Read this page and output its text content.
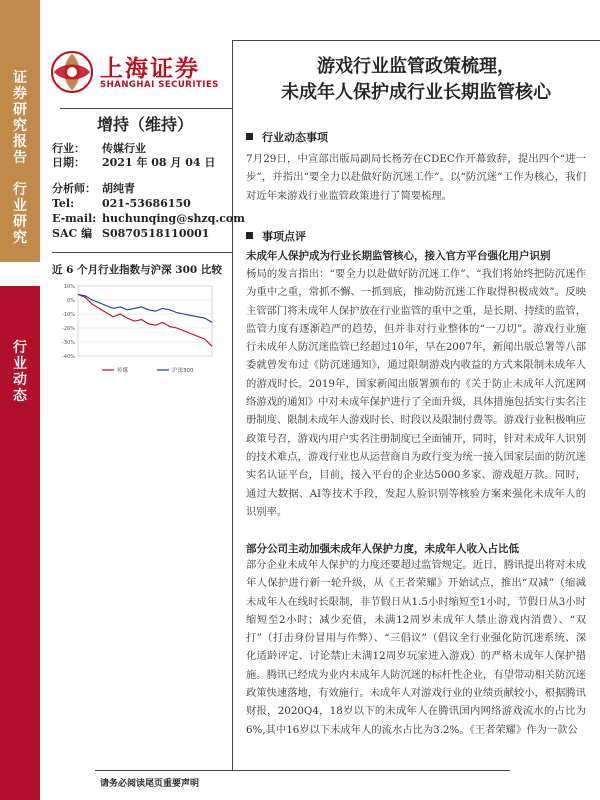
证
券
研
究
报
告

行
业
研
究
行
业
动
态
上海证券
SHANGHAI SECURITIES
游戏行业监管政策梳理，
未成年人保护成行业长期监管核心
增持（维持）
行业： 传媒行业
日期： 2021 年 08 月 04 日
分析师： 胡纯青
Tel:	021-53686150
E-mail: huchunqing@shzq.com
SAC 编 S0870518110001
近 6 个月行业指数与沪深 300 比较
10%
0%
-10%
-20%
-30%
-40%
传媒	沪深300
行业动态事项
7月29日，中宣部出版局副局长杨芳在CDEC作开幕致辞，提出四个“进一步”，并指出“要全力以赴做好防沉迷工作”。以“防沉迷”工作为核心，我们对近年来游戏行业监管政策进行了简要梳理。
事项点评
未成年人保护成为行业长期监管核心，接入官方平台强化用户识别
杨局的发言指出：“要全力以赴做好防沉迷工作”、“我们将始终把防沉迷作为重中之重，常抓不懈、一抓到底，推动防沉迷工作取得积极成效”。反映主管部门将未成年人保护放在行业监管的重中之重，是长期、持续的监管，监管力度有逐渐趋严的趋势，但并非对行业整体的“一刀切”。游戏行业施行未成年人防沉迷监管已经超过10年，早在2007年，新闻出版总署等八部委就曾发布过《防沉迷通知》，通过限制游戏内收益的方式来限制未成年人的游戏时长。2019年，国家新闻出版署颁布的《关于防止未成年人沉迷网络游戏的通知》中对未成年保护进行了全面升级，具体措施包括实行实名注册制度、限制未成年人游戏时长、时段以及限制付费等。游戏行业积极响应政策号召，游戏内用户实名注册制度已全面铺开，同时，针对未成年人识别的技术难点，游戏行业也从运营商自为政行变为统一接入国家层面的防沉迷实名认证平台，目前，接入平台的企业达5000多家、游戏超万款。同时，通过大数据、AI等技术手段，发起人脸识别等核验方案来强化未成年人的识别率。
部分公司主动加强未成年人保护力度，未成年人收入占比低
部分企业未成年人保护的力度还要超过监管规定。近日，腾讯提出将对未成年人保护进行新一轮升级，从《王者荣耀》开始试点，推出“双减”（缩减未成年人在线时长限制，非节假日从1.5小时缩短至1小时，节假日从3小时缩短至2小时；减少充值，未满12周岁未成年人禁止游戏内消费）、“双打”（打击身份冒用与作弊）、“三倡议”（倡议全行业强化防沉迷系统、深化适龄评定、讨论禁止未满12周岁玩家进入游戏）的严格未成年人保护措施。腾讯已经成为业内未成年人防沉迷的标杆性企业，有望带动相关防沉迷政策快速落地，有效施行。未成年人对游戏行业的业绩贡献较小，根据腾讯财报，2020Q4，18岁以下的未成年人在腾讯国内网络游戏流水的占比为6%,其中16岁以下未成年人的流水占比为3.2%。《王者荣耀》作为一款公
请务必阅读尾页重要声明
